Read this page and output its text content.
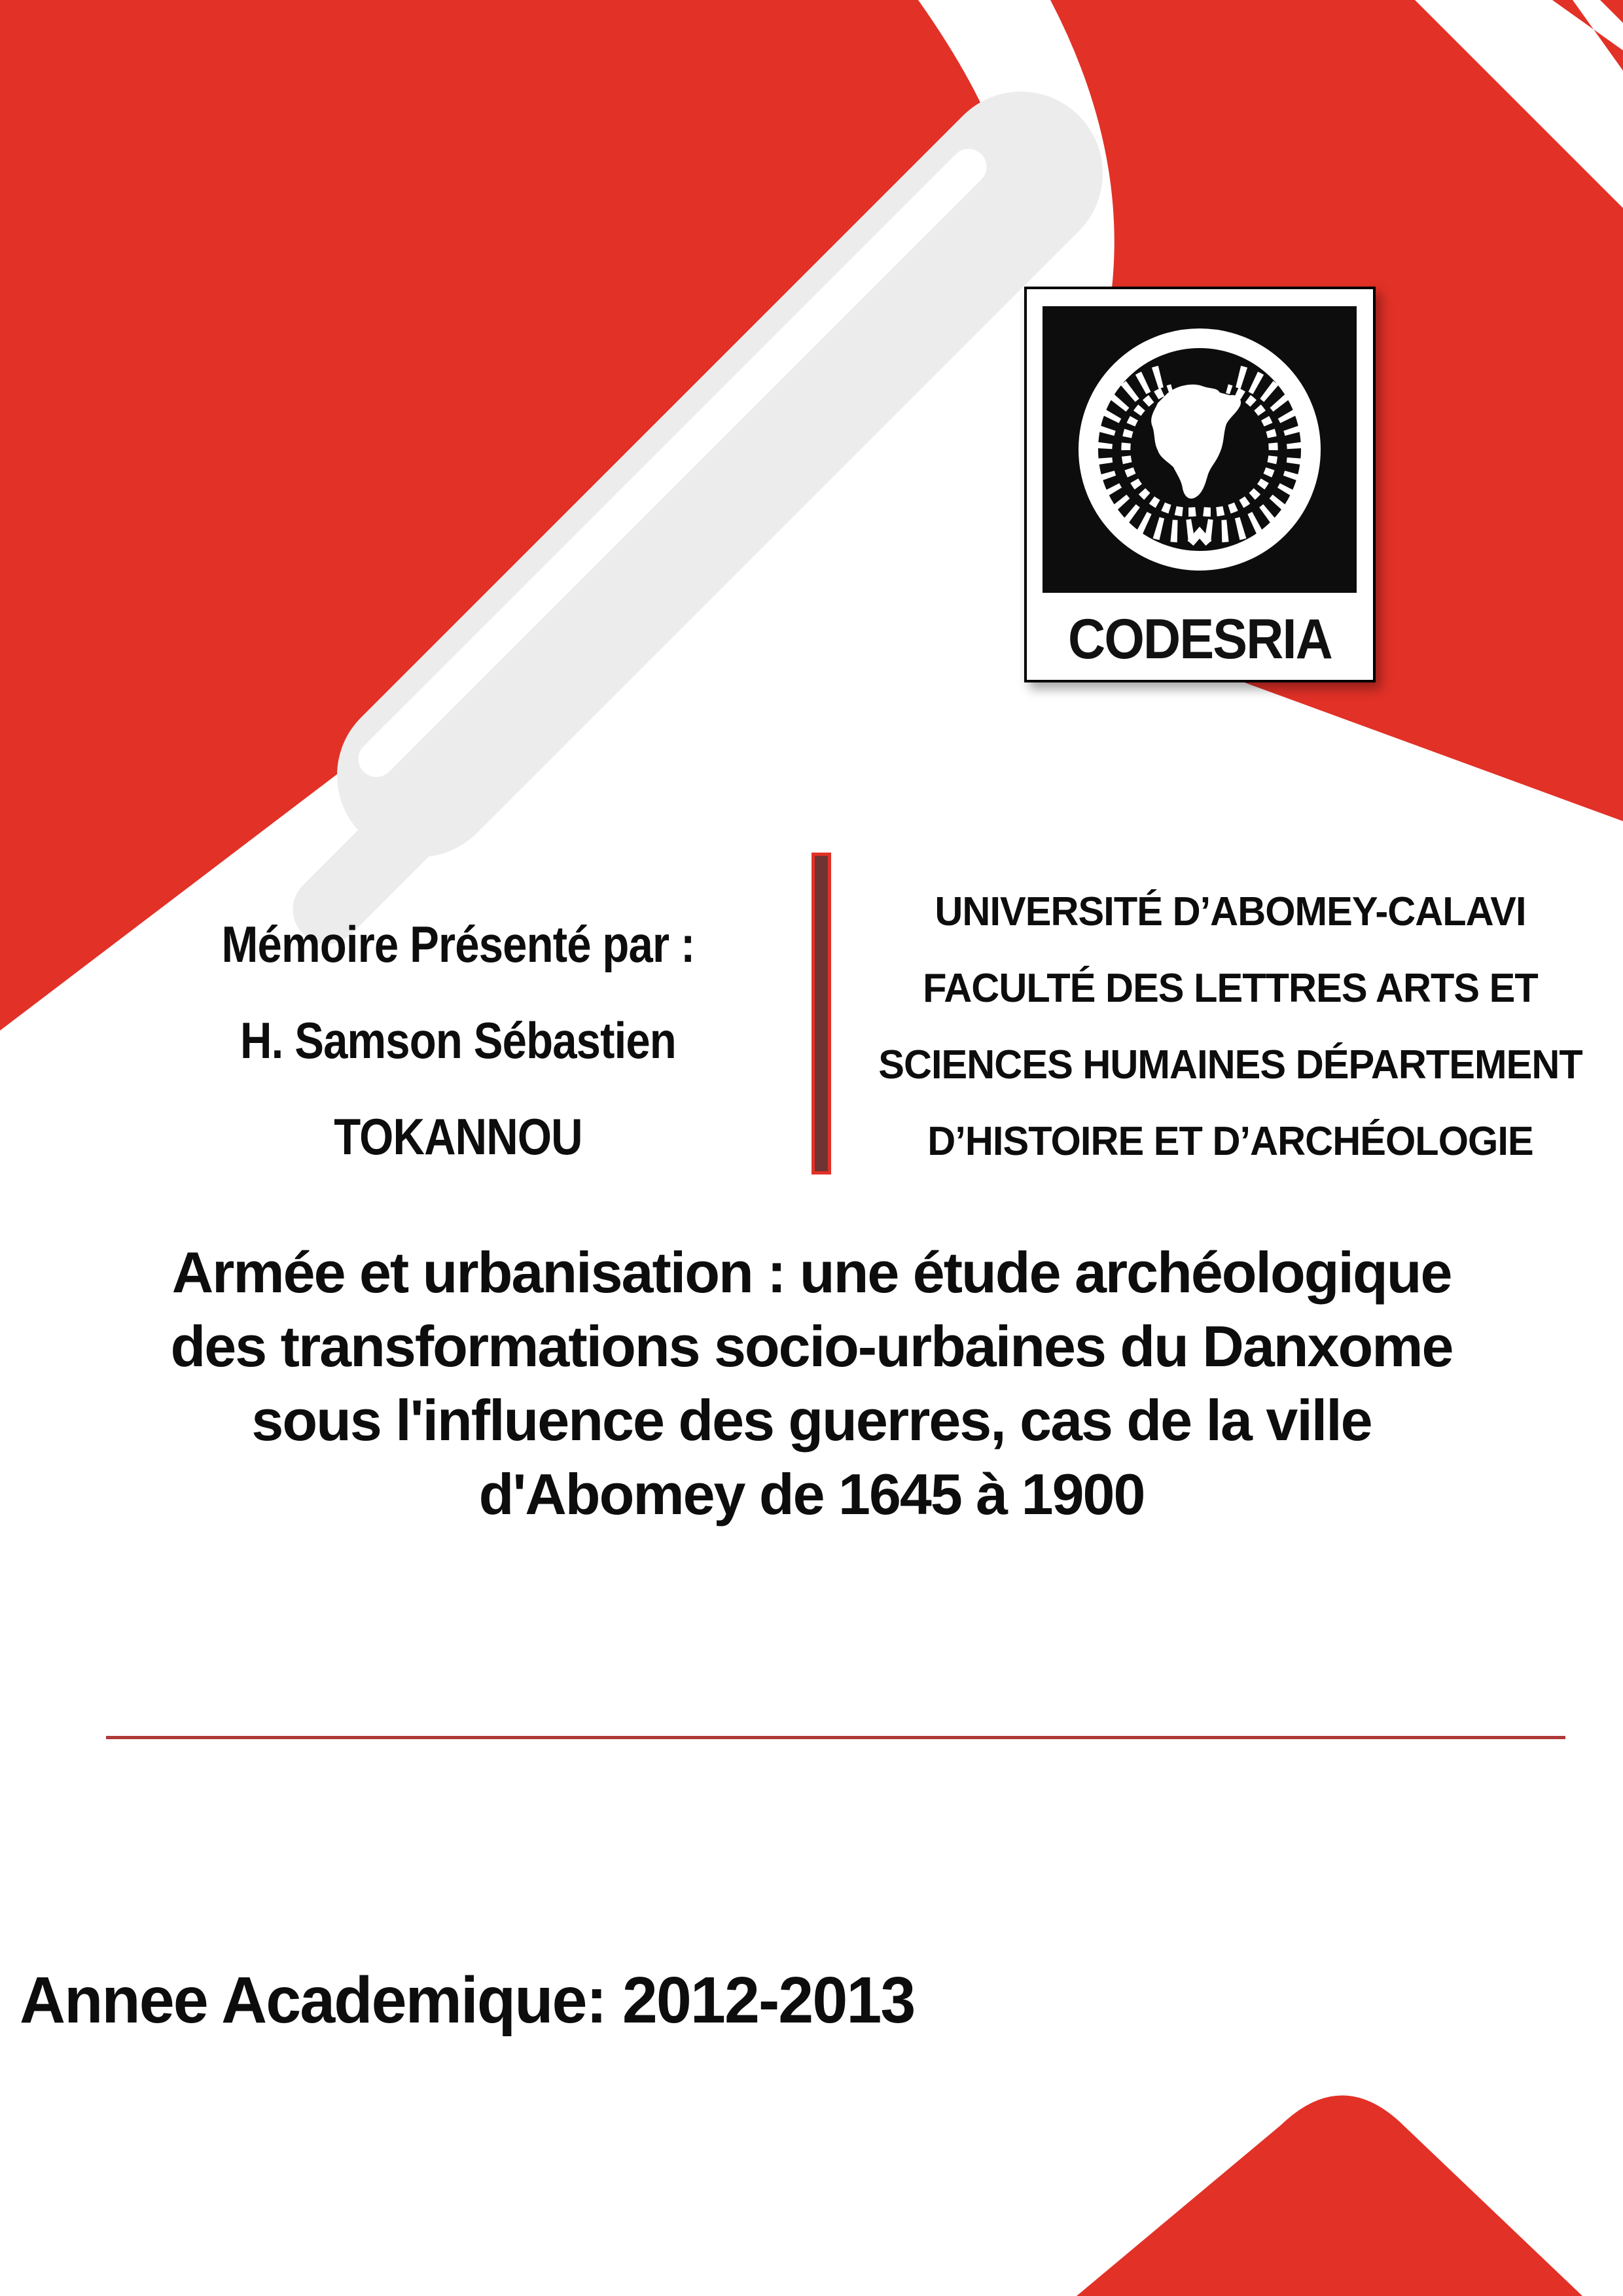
CODESRIA
Mémoire Présenté par :
H. Samson Sébastien
TOKANNOU
UNIVERSITÉ D’ABOMEY-CALAVI
FACULTÉ DES LETTRES ARTS ET
SCIENCES HUMAINES DÉPARTEMENT
D’HISTOIRE ET D’ARCHÉOLOGIE
Armée et urbanisation : une étude archéologique
des transformations socio-urbaines du Danxome
sous l'influence des guerres, cas de la ville
d'Abomey de 1645 à 1900
Annee Academique: 2012-2013
